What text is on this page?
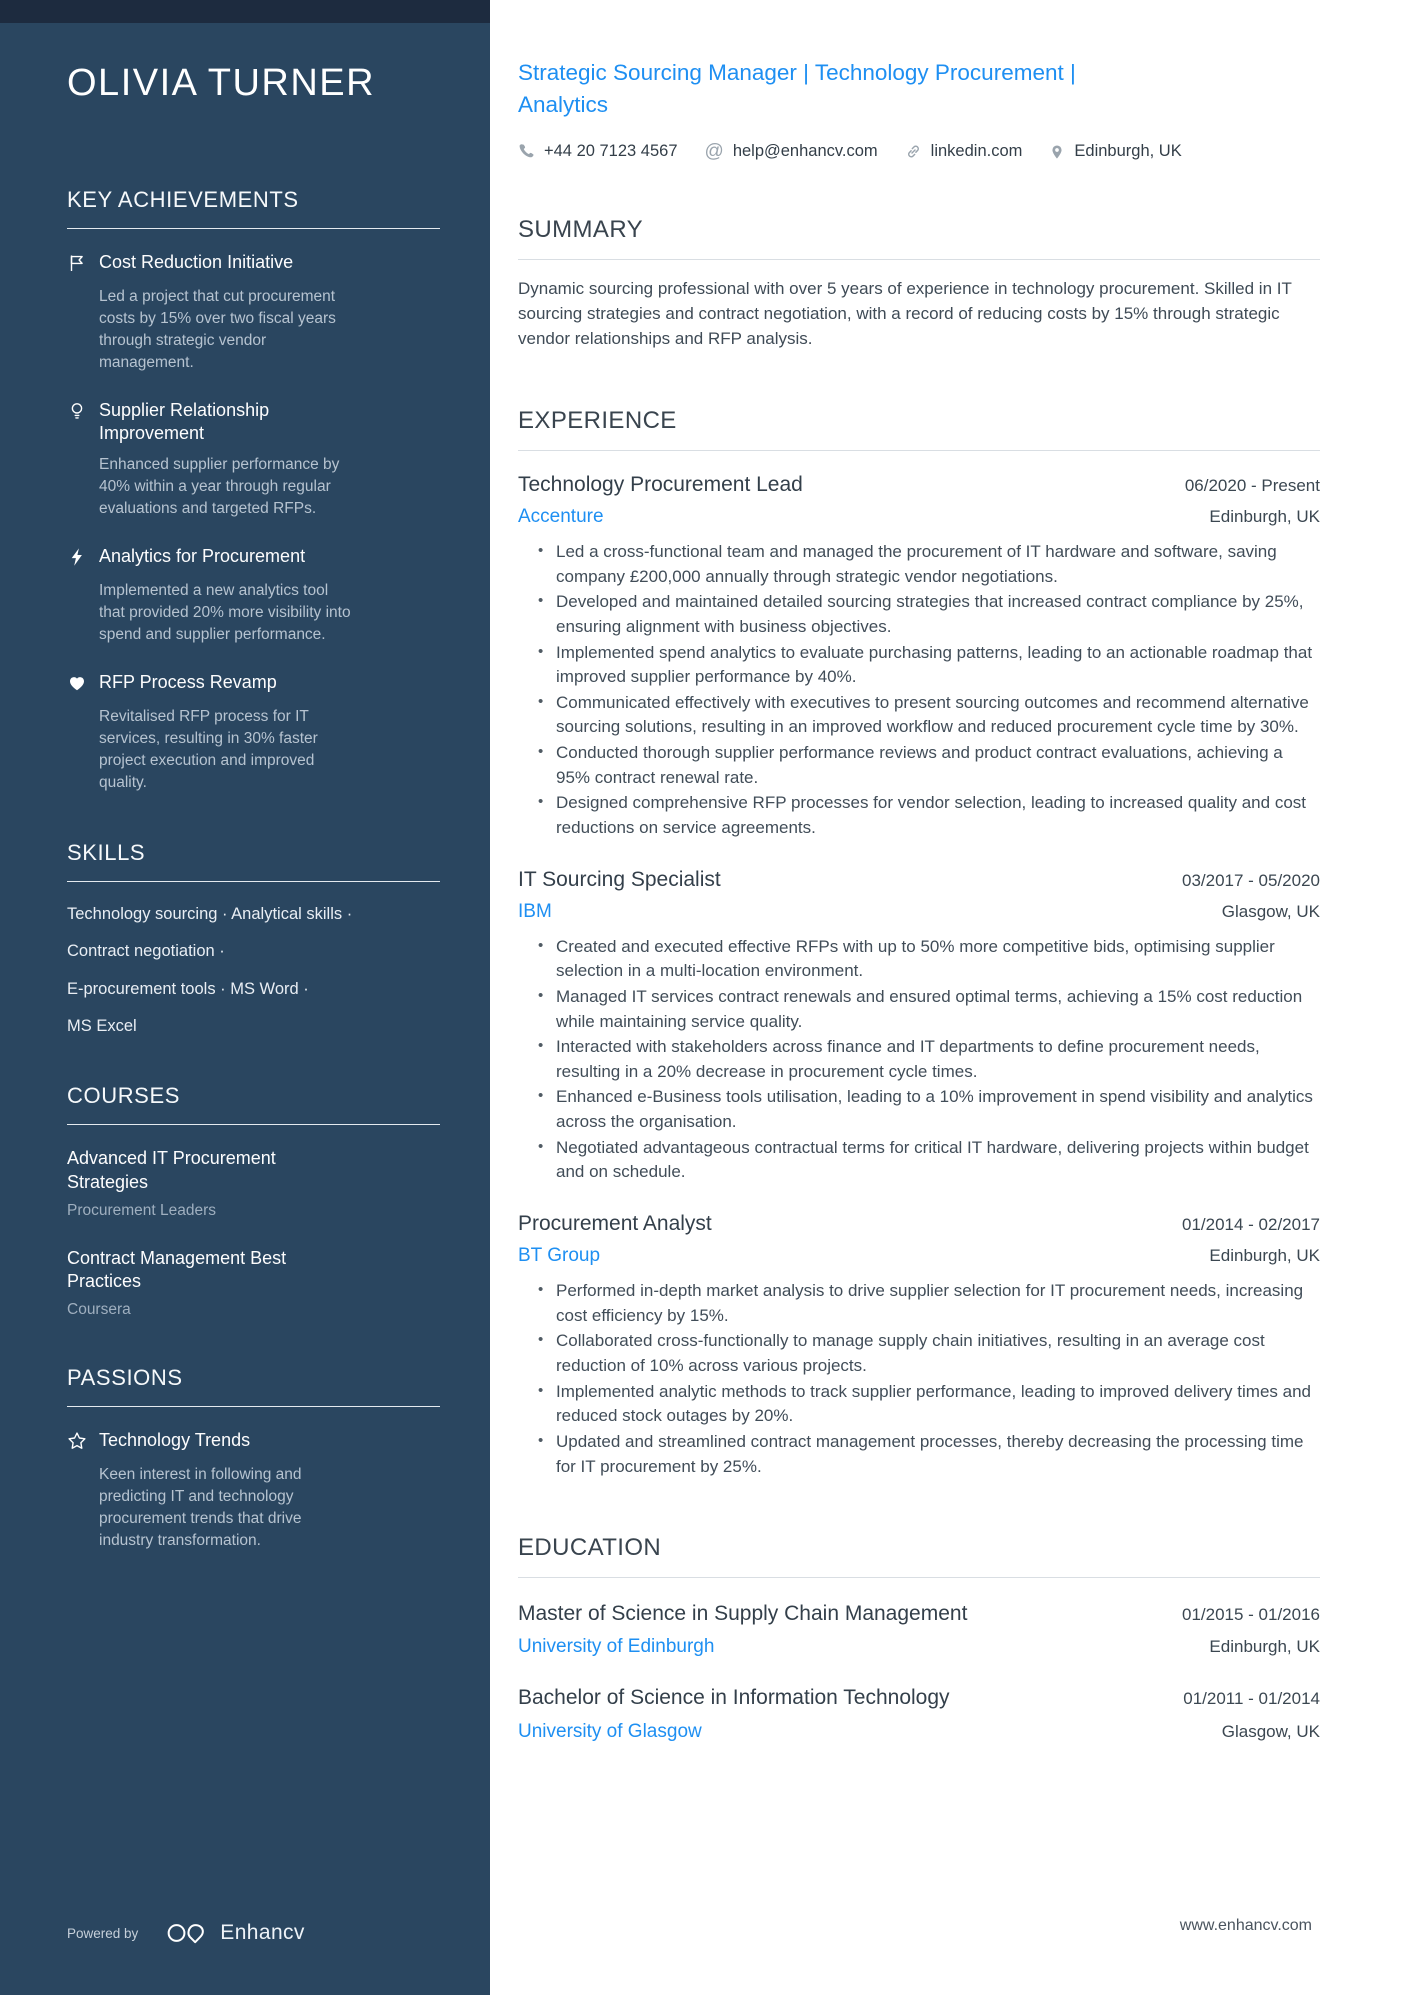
OLIVIA TURNER
KEY ACHIEVEMENTS
Cost Reduction Initiative
Led a project that cut procurement costs by 15% over two fiscal years through strategic vendor management.
Supplier Relationship Improvement
Enhanced supplier performance by 40% within a year through regular evaluations and targeted RFPs.
Analytics for Procurement
Implemented a new analytics tool that provided 20% more visibility into spend and supplier performance.
RFP Process Revamp
Revitalised RFP process for IT services, resulting in 30% faster project execution and improved quality.
SKILLS
Technology sourcing · Analytical skills ·
Contract negotiation ·
E-procurement tools · MS Word ·
MS Excel
COURSES
Advanced IT Procurement Strategies
Procurement Leaders
Contract Management Best Practices
Coursera
PASSIONS
Technology Trends
Keen interest in following and predicting IT and technology procurement trends that drive industry transformation.
Powered by	Enhancv
Strategic Sourcing Manager | Technology Procurement | Analytics
+44 20 7123 4567 @ help@enhancv.com	linkedin.com	Edinburgh, UK
SUMMARY

Dynamic sourcing professional with over 5 years of experience in technology procurement. Skilled in IT sourcing strategies and contract negotiation, with a record of reducing costs by 15% through strategic vendor relationships and RFP analysis.

EXPERIENCE
Technology Procurement Lead	06/2020 - Present
Accenture	Edinburgh, UK
• Led a cross-functional team and managed the procurement of IT hardware and software, saving company £200,000 annually through strategic vendor negotiations.
• Developed and maintained detailed sourcing strategies that increased contract compliance by 25%, ensuring alignment with business objectives.
• Implemented spend analytics to evaluate purchasing patterns, leading to an actionable roadmap that improved supplier performance by 40%.
• Communicated effectively with executives to present sourcing outcomes and recommend alternative sourcing solutions, resulting in an improved workflow and reduced procurement cycle time by 30%.
• Conducted thorough supplier performance reviews and product contract evaluations, achieving a 95% contract renewal rate.
• Designed comprehensive RFP processes for vendor selection, leading to increased quality and cost reductions on service agreements.
IT Sourcing Specialist	03/2017 - 05/2020
IBM	Glasgow, UK
• Created and executed effective RFPs with up to 50% more competitive bids, optimising supplier selection in a multi-location environment.
• Managed IT services contract renewals and ensured optimal terms, achieving a 15% cost reduction while maintaining service quality.
• Interacted with stakeholders across finance and IT departments to define procurement needs, resulting in a 20% decrease in procurement cycle times.
• Enhanced e-Business tools utilisation, leading to a 10% improvement in spend visibility and analytics across the organisation.
• Negotiated advantageous contractual terms for critical IT hardware, delivering projects within budget and on schedule.
Procurement Analyst	01/2014 - 02/2017
BT Group	Edinburgh, UK
• Performed in-depth market analysis to drive supplier selection for IT procurement needs, increasing cost efficiency by 15%.
• Collaborated cross-functionally to manage supply chain initiatives, resulting in an average cost reduction of 10% across various projects.
• Implemented analytic methods to track supplier performance, leading to improved delivery times and reduced stock outages by 20%.
• Updated and streamlined contract management processes, thereby decreasing the processing time for IT procurement by 25%.
EDUCATION
Master of Science in Supply Chain Management	01/2015 - 01/2016
University of Edinburgh	Edinburgh, UK
Bachelor of Science in Information Technology	01/2011 - 01/2014
University of Glasgow	Glasgow, UK
www.enhancv.com
